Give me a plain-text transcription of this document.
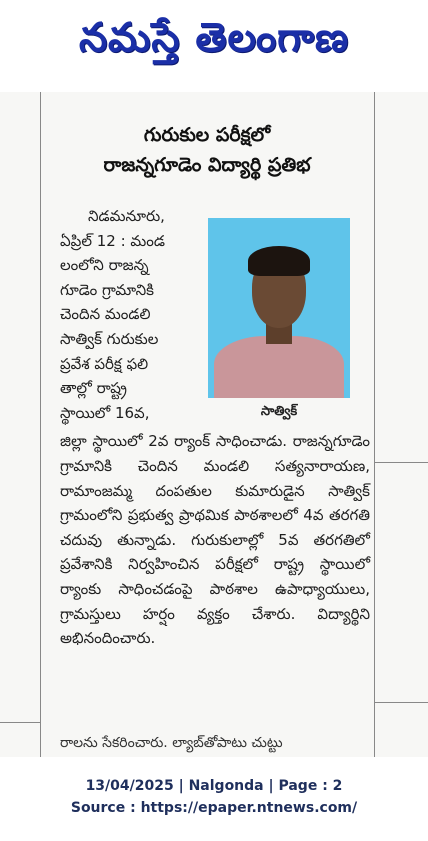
నమస్తే తెలంగాణ
గురుకుల పరీక్షలో
రాజన్నగూడెం విద్యార్థి ప్రతిభ
సాత్విక్
నిడమనూరు,
ఏప్రిల్ 12 : మండ
లంలోని రాజన్న
గూడెం గ్రామానికి
చెందిన మండలి
సాత్విక్ గురుకుల
ప్రవేశ పరీక్ష ఫలి
తాల్లో రాష్ట్ర
స్థాయిలో 16వ,
జిల్లా స్థాయిలో 2వ ర్యాంక్ సాధించాడు. రాజన్నగూడెం గ్రామానికి చెందిన మండలి సత్యనారాయణ, రామాంజమ్మ దంపతుల కుమారుడైన సాత్విక్ గ్రామంలోని ప్రభుత్వ ప్రాథమిక పాఠశాలలో 4వ తరగతి చదువు తున్నాడు. గురుకులాల్లో 5వ తరగతిలో ప్రవేశానికి నిర్వహించిన పరీక్షలో రాష్ట్ర స్థాయిలో ర్యాంకు సాధించడంపై పాఠశాల ఉపాధ్యాయులు, గ్రామస్తులు హర్షం వ్యక్తం చేశారు. విద్యార్థిని అభినందించారు.
రాలను సేకరించారు. ల్యాబ్‌తోపాటు చుట్టు
13/04/2025 | Nalgonda | Page : 2
Source : https://epaper.ntnews.com/
